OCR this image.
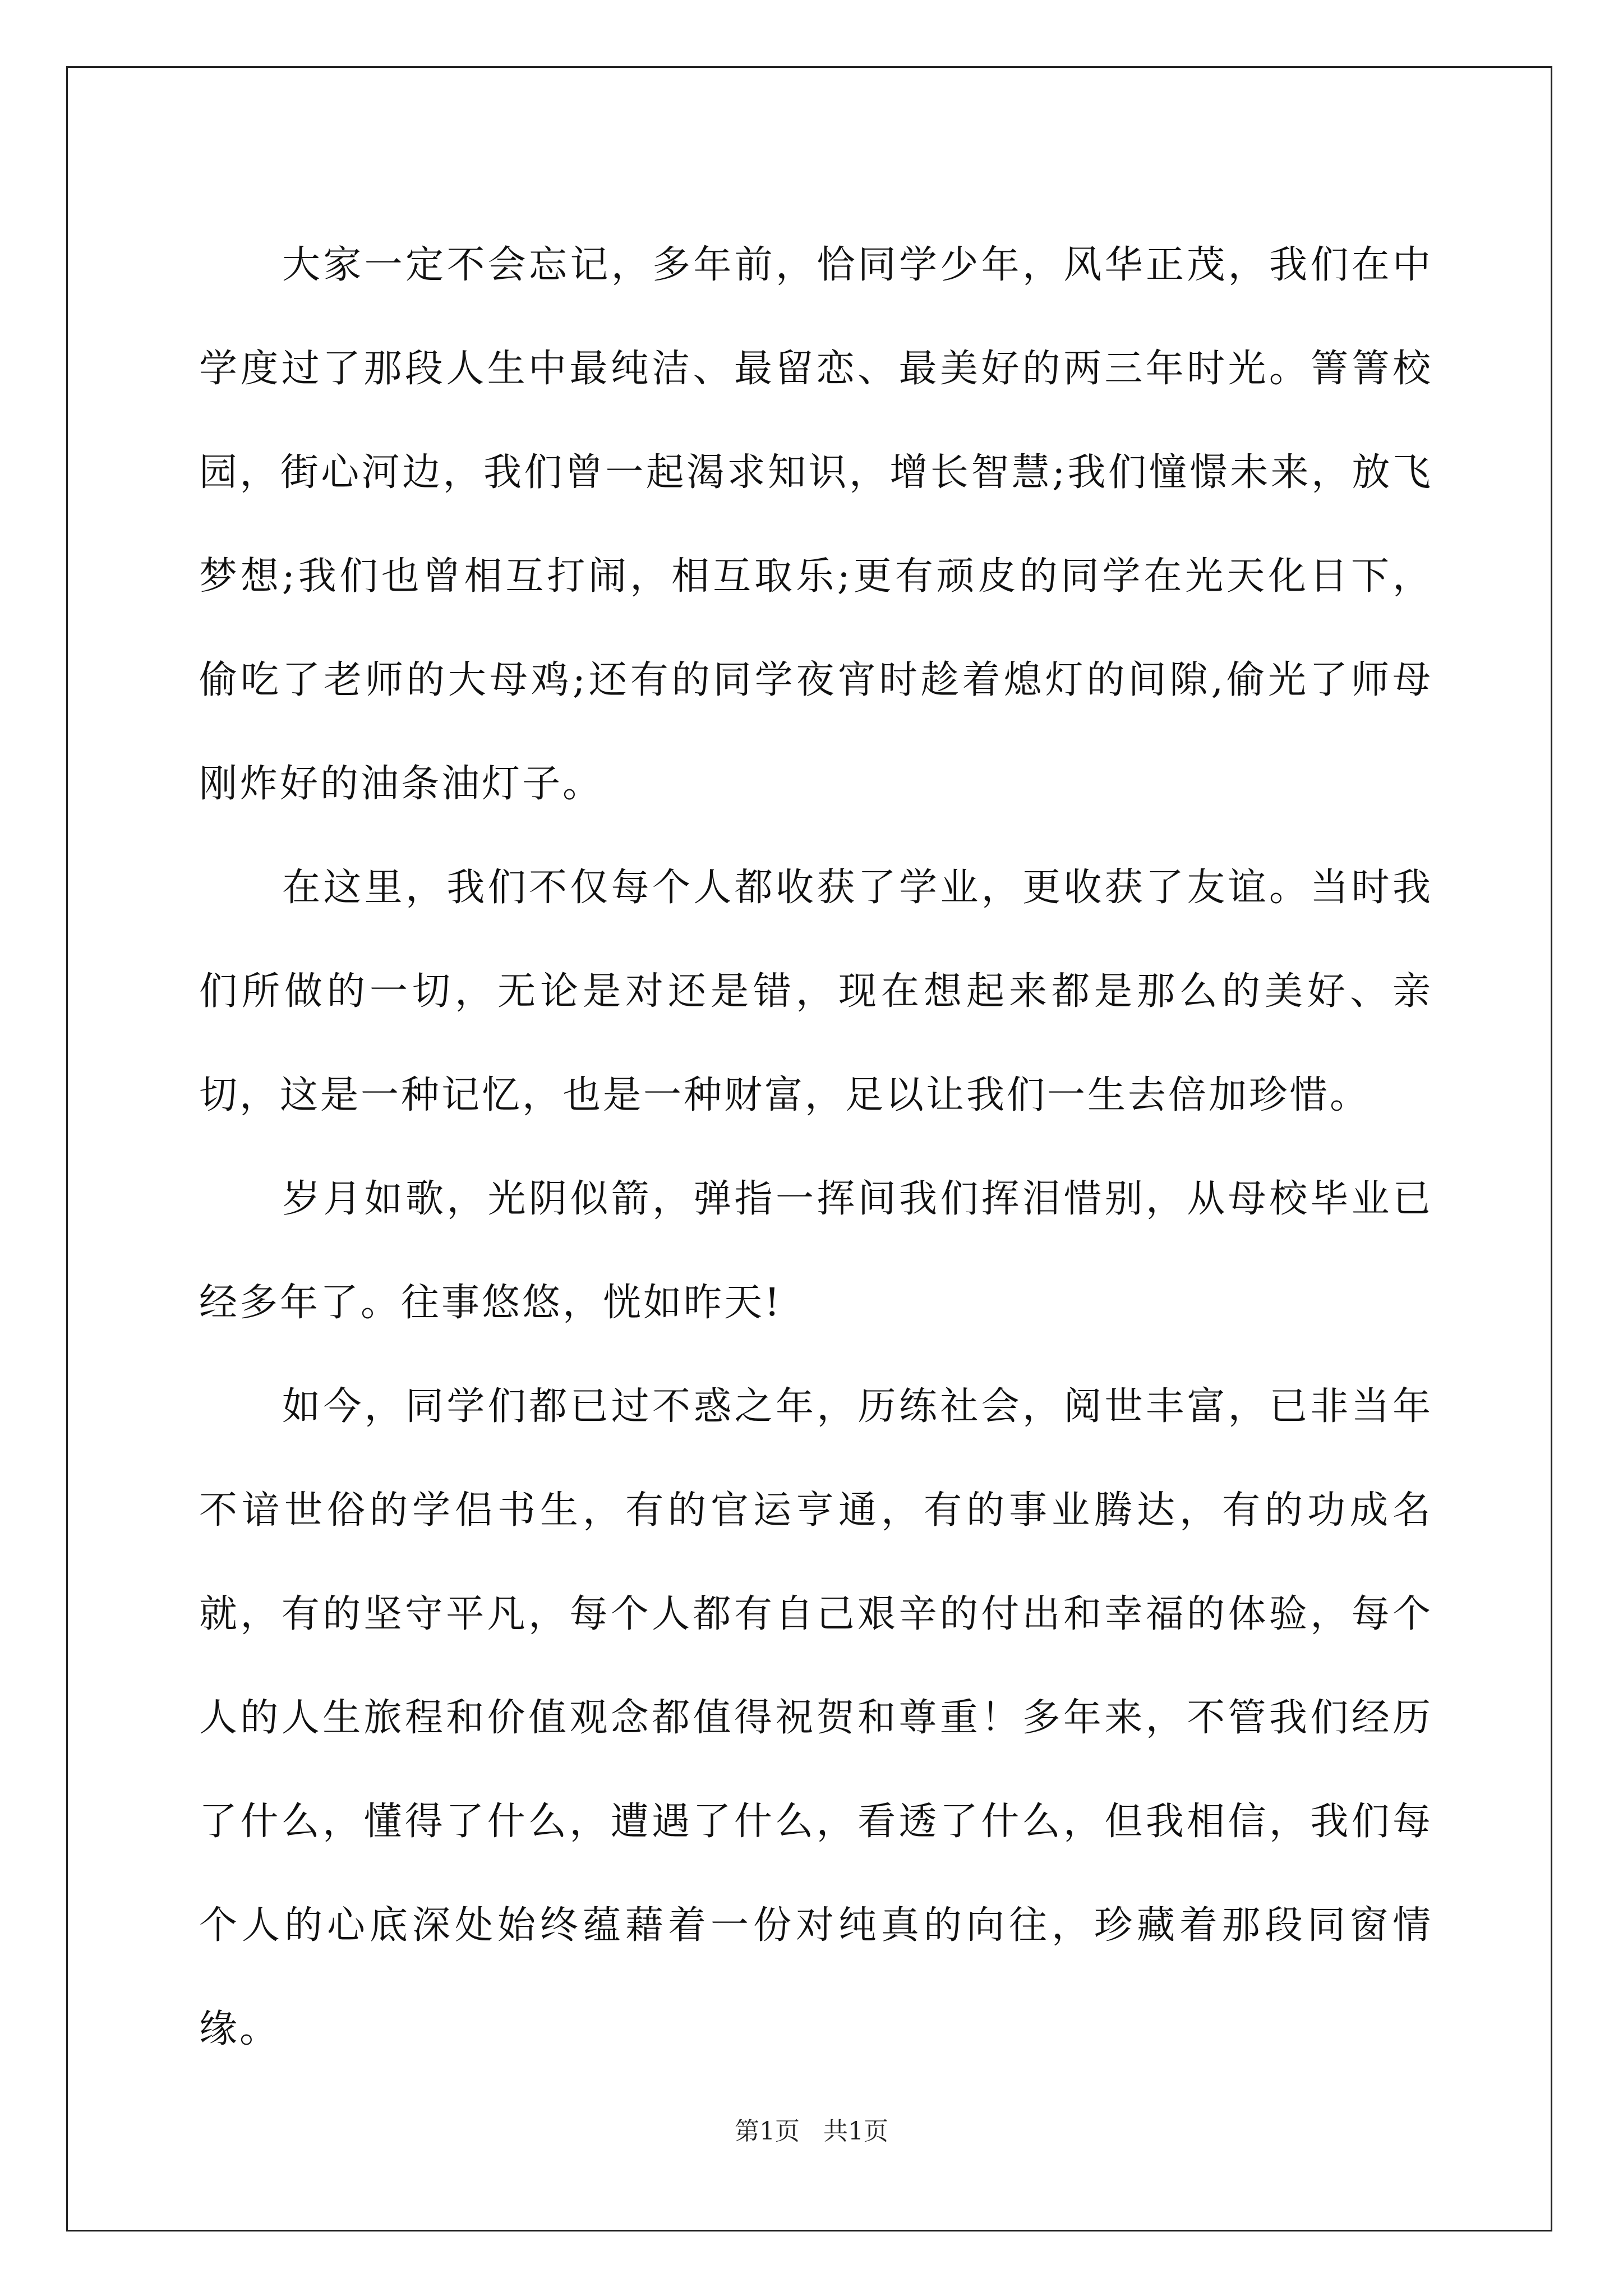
大家一定不会忘记，多年前，恰同学少年，风华正茂，我们在中学度过了那段人生中最纯洁、最留恋、最美好的两三年时光。箐箐校园，街心河边，我们曾一起渴求知识，增长智慧;我们憧憬未来，放飞梦想;我们也曾相互打闹，相互取乐;更有顽皮的同学在光天化日下，偷吃了老师的大母鸡;还有的同学夜宵时趁着熄灯的间隙,偷光了师母刚炸好的油条油灯子。

在这里，我们不仅每个人都收获了学业，更收获了友谊。当时我们所做的一切，无论是对还是错，现在想起来都是那么的美好、亲切，这是一种记忆，也是一种财富，足以让我们一生去倍加珍惜。

岁月如歌，光阴似箭，弹指一挥间我们挥泪惜别，从母校毕业已经多年了。往事悠悠，恍如昨天!

如今，同学们都已过不惑之年，历练社会，阅世丰富，已非当年不谙世俗的学侣书生，有的官运亨通，有的事业腾达，有的功成名就，有的坚守平凡，每个人都有自己艰辛的付出和幸福的体验，每个人的人生旅程和价值观念都值得祝贺和尊重！多年来，不管我们经历了什么，懂得了什么，遭遇了什么，看透了什么，但我相信，我们每个人的心底深处始终蕴藉着一份对纯真的向往，珍藏着那段同窗情缘。

第1页   共1页
